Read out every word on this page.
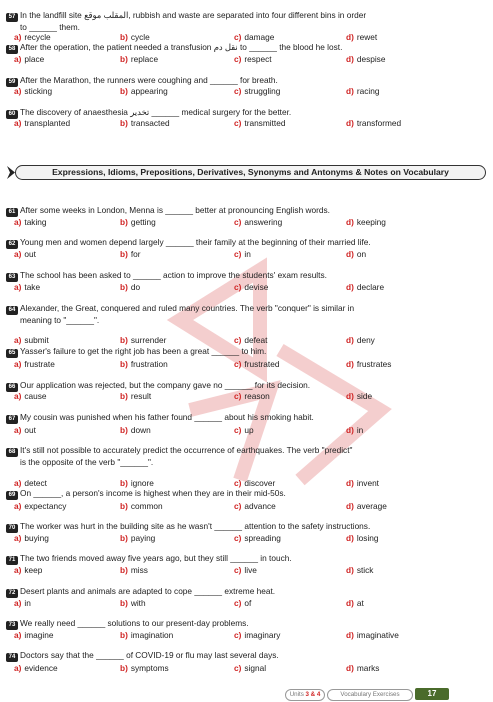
57 In the landfill site ﺍﻟﻤﻘﻠﺐ ﻣﻮﻗﻊ, rubbish and waste are separated into four different bins in order
to ______ them.
a) recycle	b) cycle	c) damage	d) rewet
58 After the operation, the patient needed a transfusion ﻧﻘﻞ ﺩﻡ to ______ the blood he lost.
a) place	b) replace	c) respect	d) despise
59 After the Marathon, the runners were coughing and ______ for breath.
a) sticking	b) appearing	c) struggling	d) racing
60 The discovery of anaesthesia ﺗﺨﺪﻳﺮ ______ medical surgery for the better.
a) transplanted	b) transacted	c) transmitted	d) transformed
61 After some weeks in London, Menna is ______ better at pronouncing English words.
a) taking	b) getting	c) answering	d) keeping
62 Young men and women depend largely ______ their family at the beginning of their married life.
a) out	b) for	c) in	d) on
63 The school has been asked to ______ action to improve the students' exam results.
a) take	b) do	c) devise	d) declare
64 Alexander, the Great, conquered and ruled many countries. The verb "conquer" is similar in
meaning to "______".
a) submit	b) surrender	c) defeat	d) deny
65 Yasser's failure to get the right job has been a great ______ to him.
a) frustrate	b) frustration	c) frustrated	d) frustrates
66 Our application was rejected, but the company gave no ______ for its decision.
a) cause	b) result	c) reason	d) side
67 My cousin was punished when his father found ______ about his smoking habit.
a) out	b) down	c) up	d) in
68 It's still not possible to accurately predict the occurrence of earthquakes. The verb "predict"
is the opposite of the verb "______".
a) detect	b) ignore	c) discover	d) invent
69 On ______, a person's income is highest when they are in their mid-50s.
a) expectancy	b) common	c) advance	d) average
70 The worker was hurt in the building site as he wasn't ______ attention to the safety instructions.
a) buying	b) paying	c) spreading	d) losing
71 The two friends moved away five years ago, but they still ______ in touch.
a) keep	b) miss	c) live	d) stick
72 Desert plants and animals are adapted to cope ______ extreme heat.
a) in	b) with	c) of	d) at
73 We really need ______ solutions to our present-day problems.
a) imagine	b) imagination	c) imaginary	d) imaginative
74 Doctors say that the ______ of COVID-19 or flu may last several days.
a) evidence	b) symptoms	c) signal	d) marks
Expressions, Idioms, Prepositions, Derivatives, Synonyms and Antonyms & Notes on Vocabulary
Units 3 & 4	Vocabulary Exercises	17
